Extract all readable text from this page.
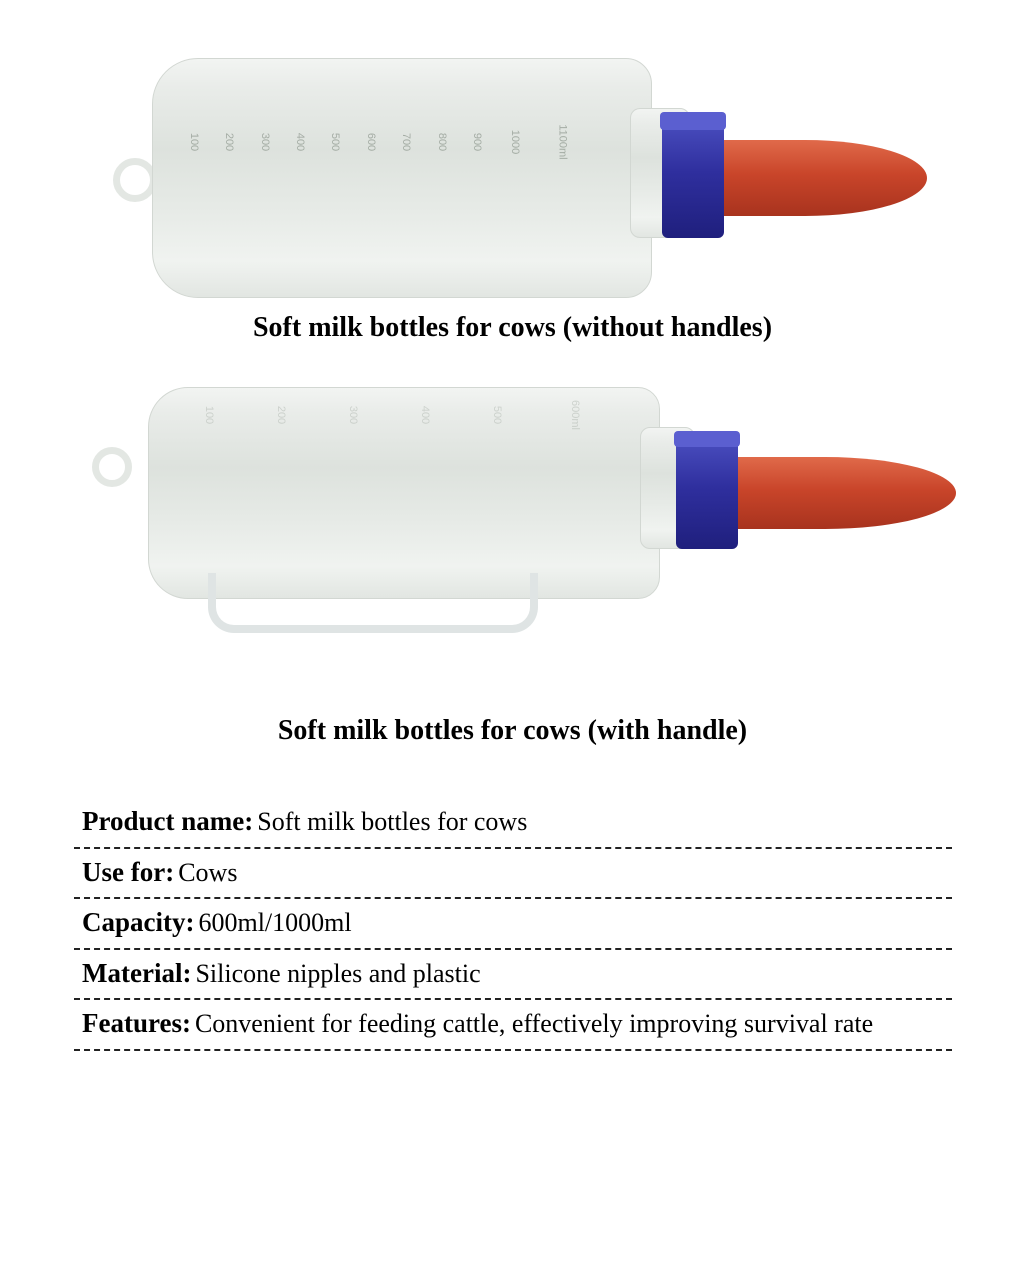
100 200 300 400 500 600 700 800 900 1000	1100ml
Soft milk bottles for cows (without handles)
100	200	300	400	500	600ml
Soft milk bottles for cows (with handle)
Product name: Soft milk bottles for cows
Use for: Cows
Capacity: 600ml/1000ml
Material: Silicone nipples and plastic
Features: Convenient for feeding cattle, effectively improving survival rate
